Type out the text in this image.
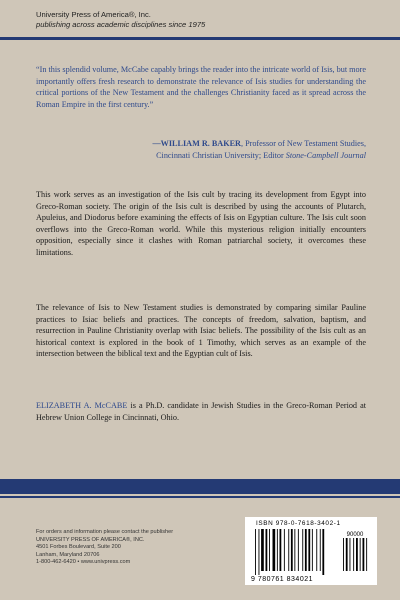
University Press of America®, Inc.
publishing across academic disciplines since 1975
“In this splendid volume, McCabe capably brings the reader into the intricate world of Isis, but more importantly offers fresh research to demonstrate the relevance of Isis studies for understanding the critical portions of the New Testament and the challenges Christianity faced as it spread across the Roman Empire in the first century.”
—WILLIAM R. BAKER, Professor of New Testament Studies,
Cincinnati Christian University; Editor Stone-Campbell Journal
This work serves as an investigation of the Isis cult by tracing its development from Egypt into Greco-Roman society. The origin of the Isis cult is described by using the accounts of Plutarch, Apuleius, and Diodorus before examining the effects of Isis on Egyptian culture. The Isis cult soon overflows into the Greco-Roman world. While this mysterious religion initially encounters opposition, especially since it clashes with Roman patriarchal society, it overcomes these limitations.
The relevance of Isis to New Testament studies is demonstrated by comparing similar Pauline practices to Isiac beliefs and practices. The concepts of freedom, salvation, baptism, and resurrection in Pauline Christianity overlap with Isiac beliefs. The possibility of the Isis cult as an historical context is explored in the book of 1 Timothy, which serves as an example of the intersection between the biblical text and the Egyptian cult of Isis.
ELIZABETH A. McCABE is a Ph.D. candidate in Jewish Studies in the Greco-Roman Period at Hebrew Union College in Cincinnati, Ohio.
For orders and information please contact the publisher
UNIVERSITY PRESS OF AMERICA®, INC.
4501 Forbes Boulevard, Suite 200
Lanham, Maryland 20706
1-800-462-6420 • www.univpress.com
ISBN 978-0-7618-3402-1
90000
9 780761 834021
